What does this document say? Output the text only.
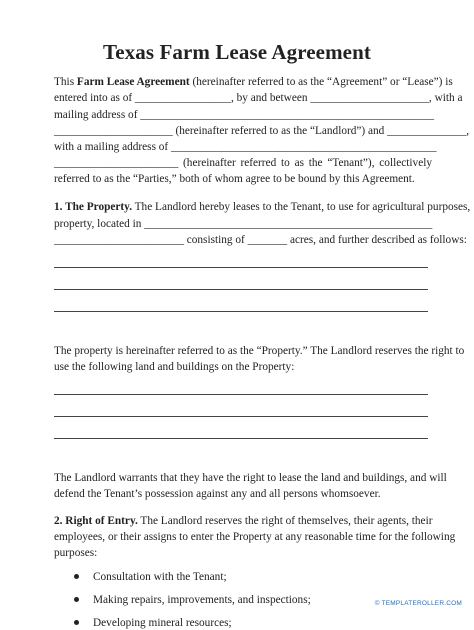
Texas Farm Lease Agreement
This Farm Lease Agreement (hereinafter referred to as the “Agreement” or “Lease”) is
entered into as of _________________, by and between _____________________, with a
mailing address of ____________________________________________________
_____________________ (hereinafter referred to as the “Landlord”) and ______________,
with a mailing address of _______________________________________________
______________________ (hereinafter referred to as the “Tenant”), collectively
referred to as the “Parties,” both of whom agree to be bound by this Agreement.
1. The Property. The Landlord hereby leases to the Tenant, to use for agricultural purposes,
property, located in ___________________________________________________
_______________________ consisting of _______ acres, and further described as follows:
The property is hereinafter referred to as the “Property.” The Landlord reserves the right to
use the following land and buildings on the Property:
The Landlord warrants that they have the right to lease the land and buildings, and will
defend the Tenant’s possession against any and all persons whomsoever.
2. Right of Entry. The Landlord reserves the right of themselves, their agents, their
employees, or their assigns to enter the Property at any reasonable time for the following
purposes:
Consultation with the Tenant;
Making repairs, improvements, and inspections;
Developing mineral resources;
© TEMPLATEROLLER.COM
